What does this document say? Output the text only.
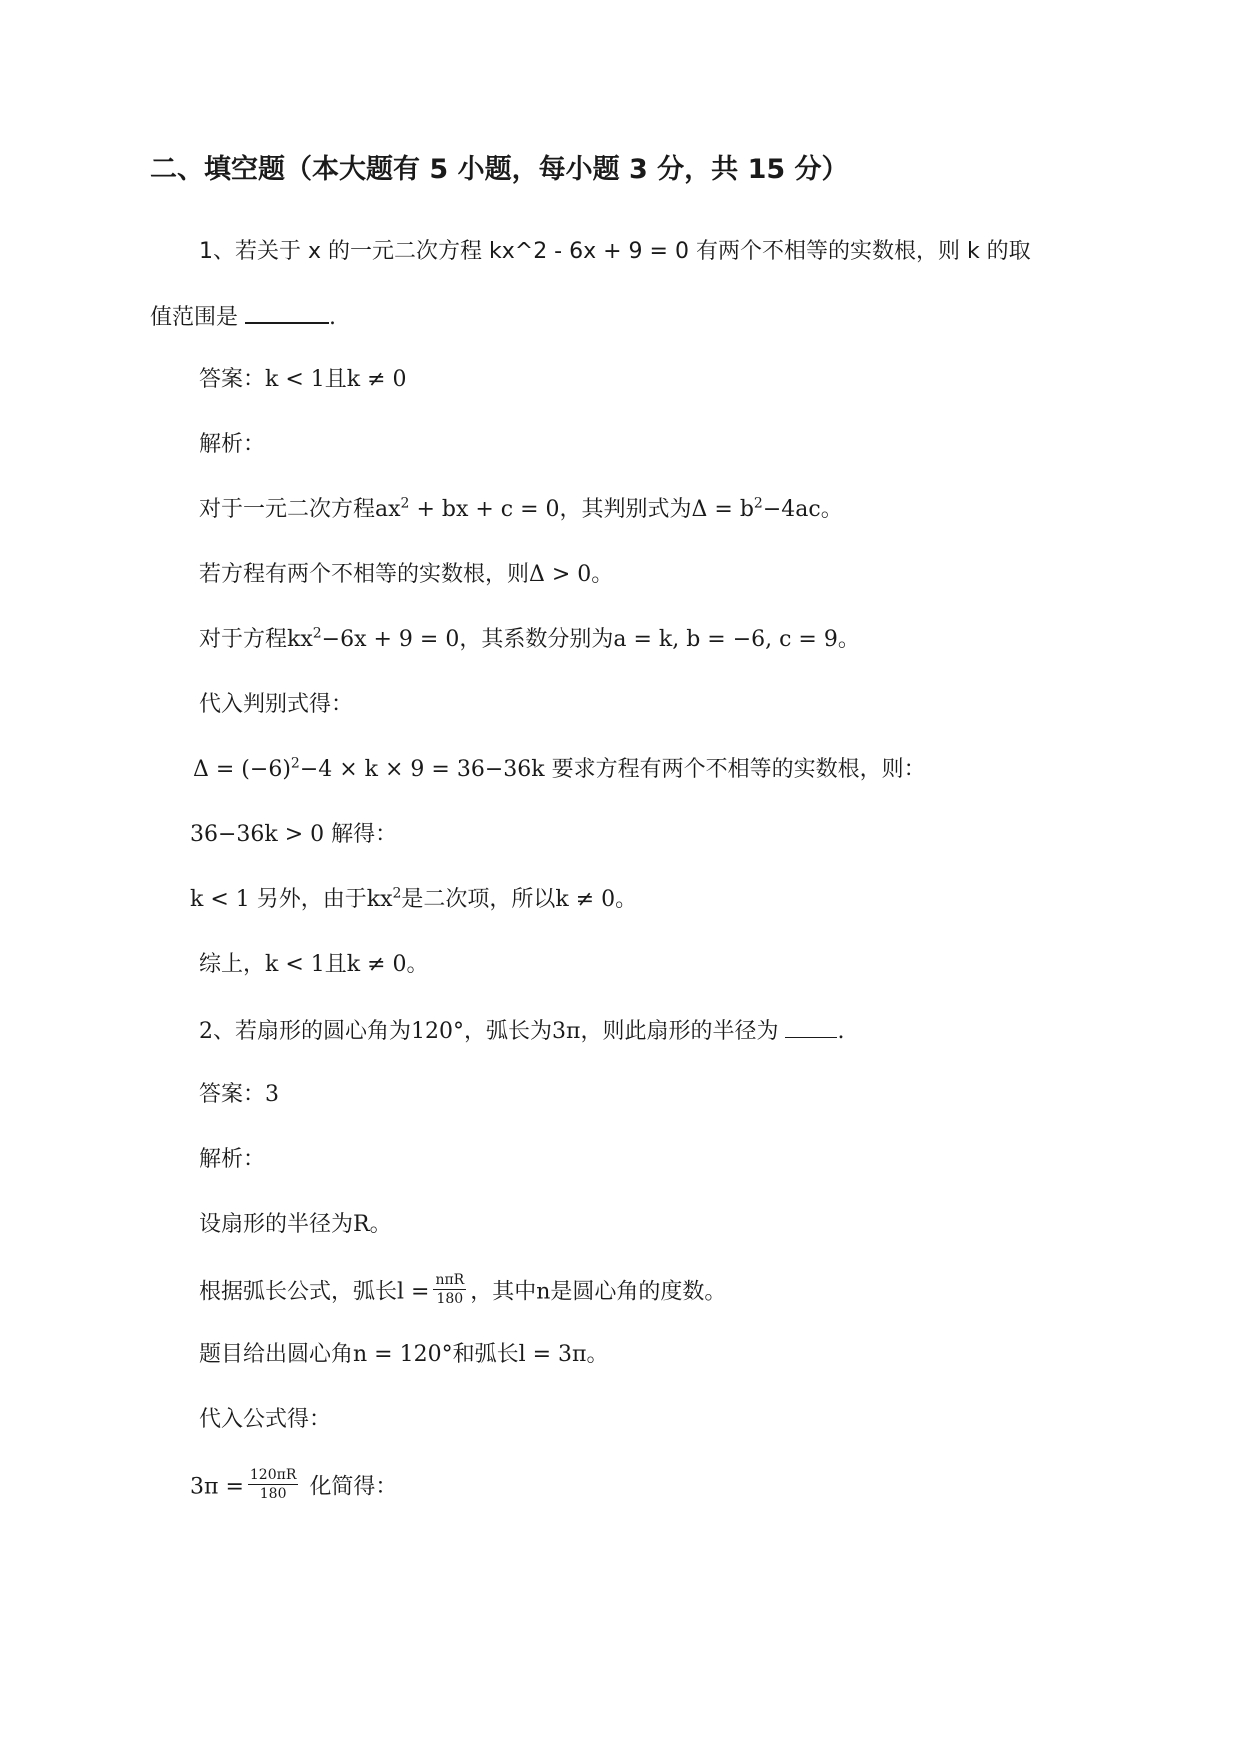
二、填空题（本大题有 5 小题，每小题 3 分，共 15 分）
1、若关于 x 的一元二次方程 kx^2 - 6x + 9 = 0 有两个不相等的实数根，则 k 的取
值范围是	.
答案：k < 1且k ≠ 0
解析：
对于一元二次方程$ax^2$ + bx + c = 0，其判别式为$\Delta = b^2-4ac$。
若方程有两个不相等的实数根，则Δ > 0。
对于方程$kx^2-6x + 9 = 0$，其系数分别为a = k, b = −6, c = 9。
代入判别式得：
$\Delta = (-6)^2-4 \times k \times 9 = 36-36k$ 要求方程有两个不相等的实数根，则：
36−36k > 0 解得：
k < 1 另外，由于$kx^2$是二次项，所以k ≠ 0。
综上，k < 1且k ≠ 0。
2、若扇形的圆心角为120°，弧长为3π，则此扇形的半径为 .
答案：3
解析：
设扇形的半径为R。
根据弧长公式，弧长$l = \frac{\text{nπR}}{180}$ ，其中n是圆心角的度数。
题目给出圆心角n = 120°和弧长l = 3π。
代入公式得：
$3\pi = \frac{120\pi R}{180}$ 化简得：
